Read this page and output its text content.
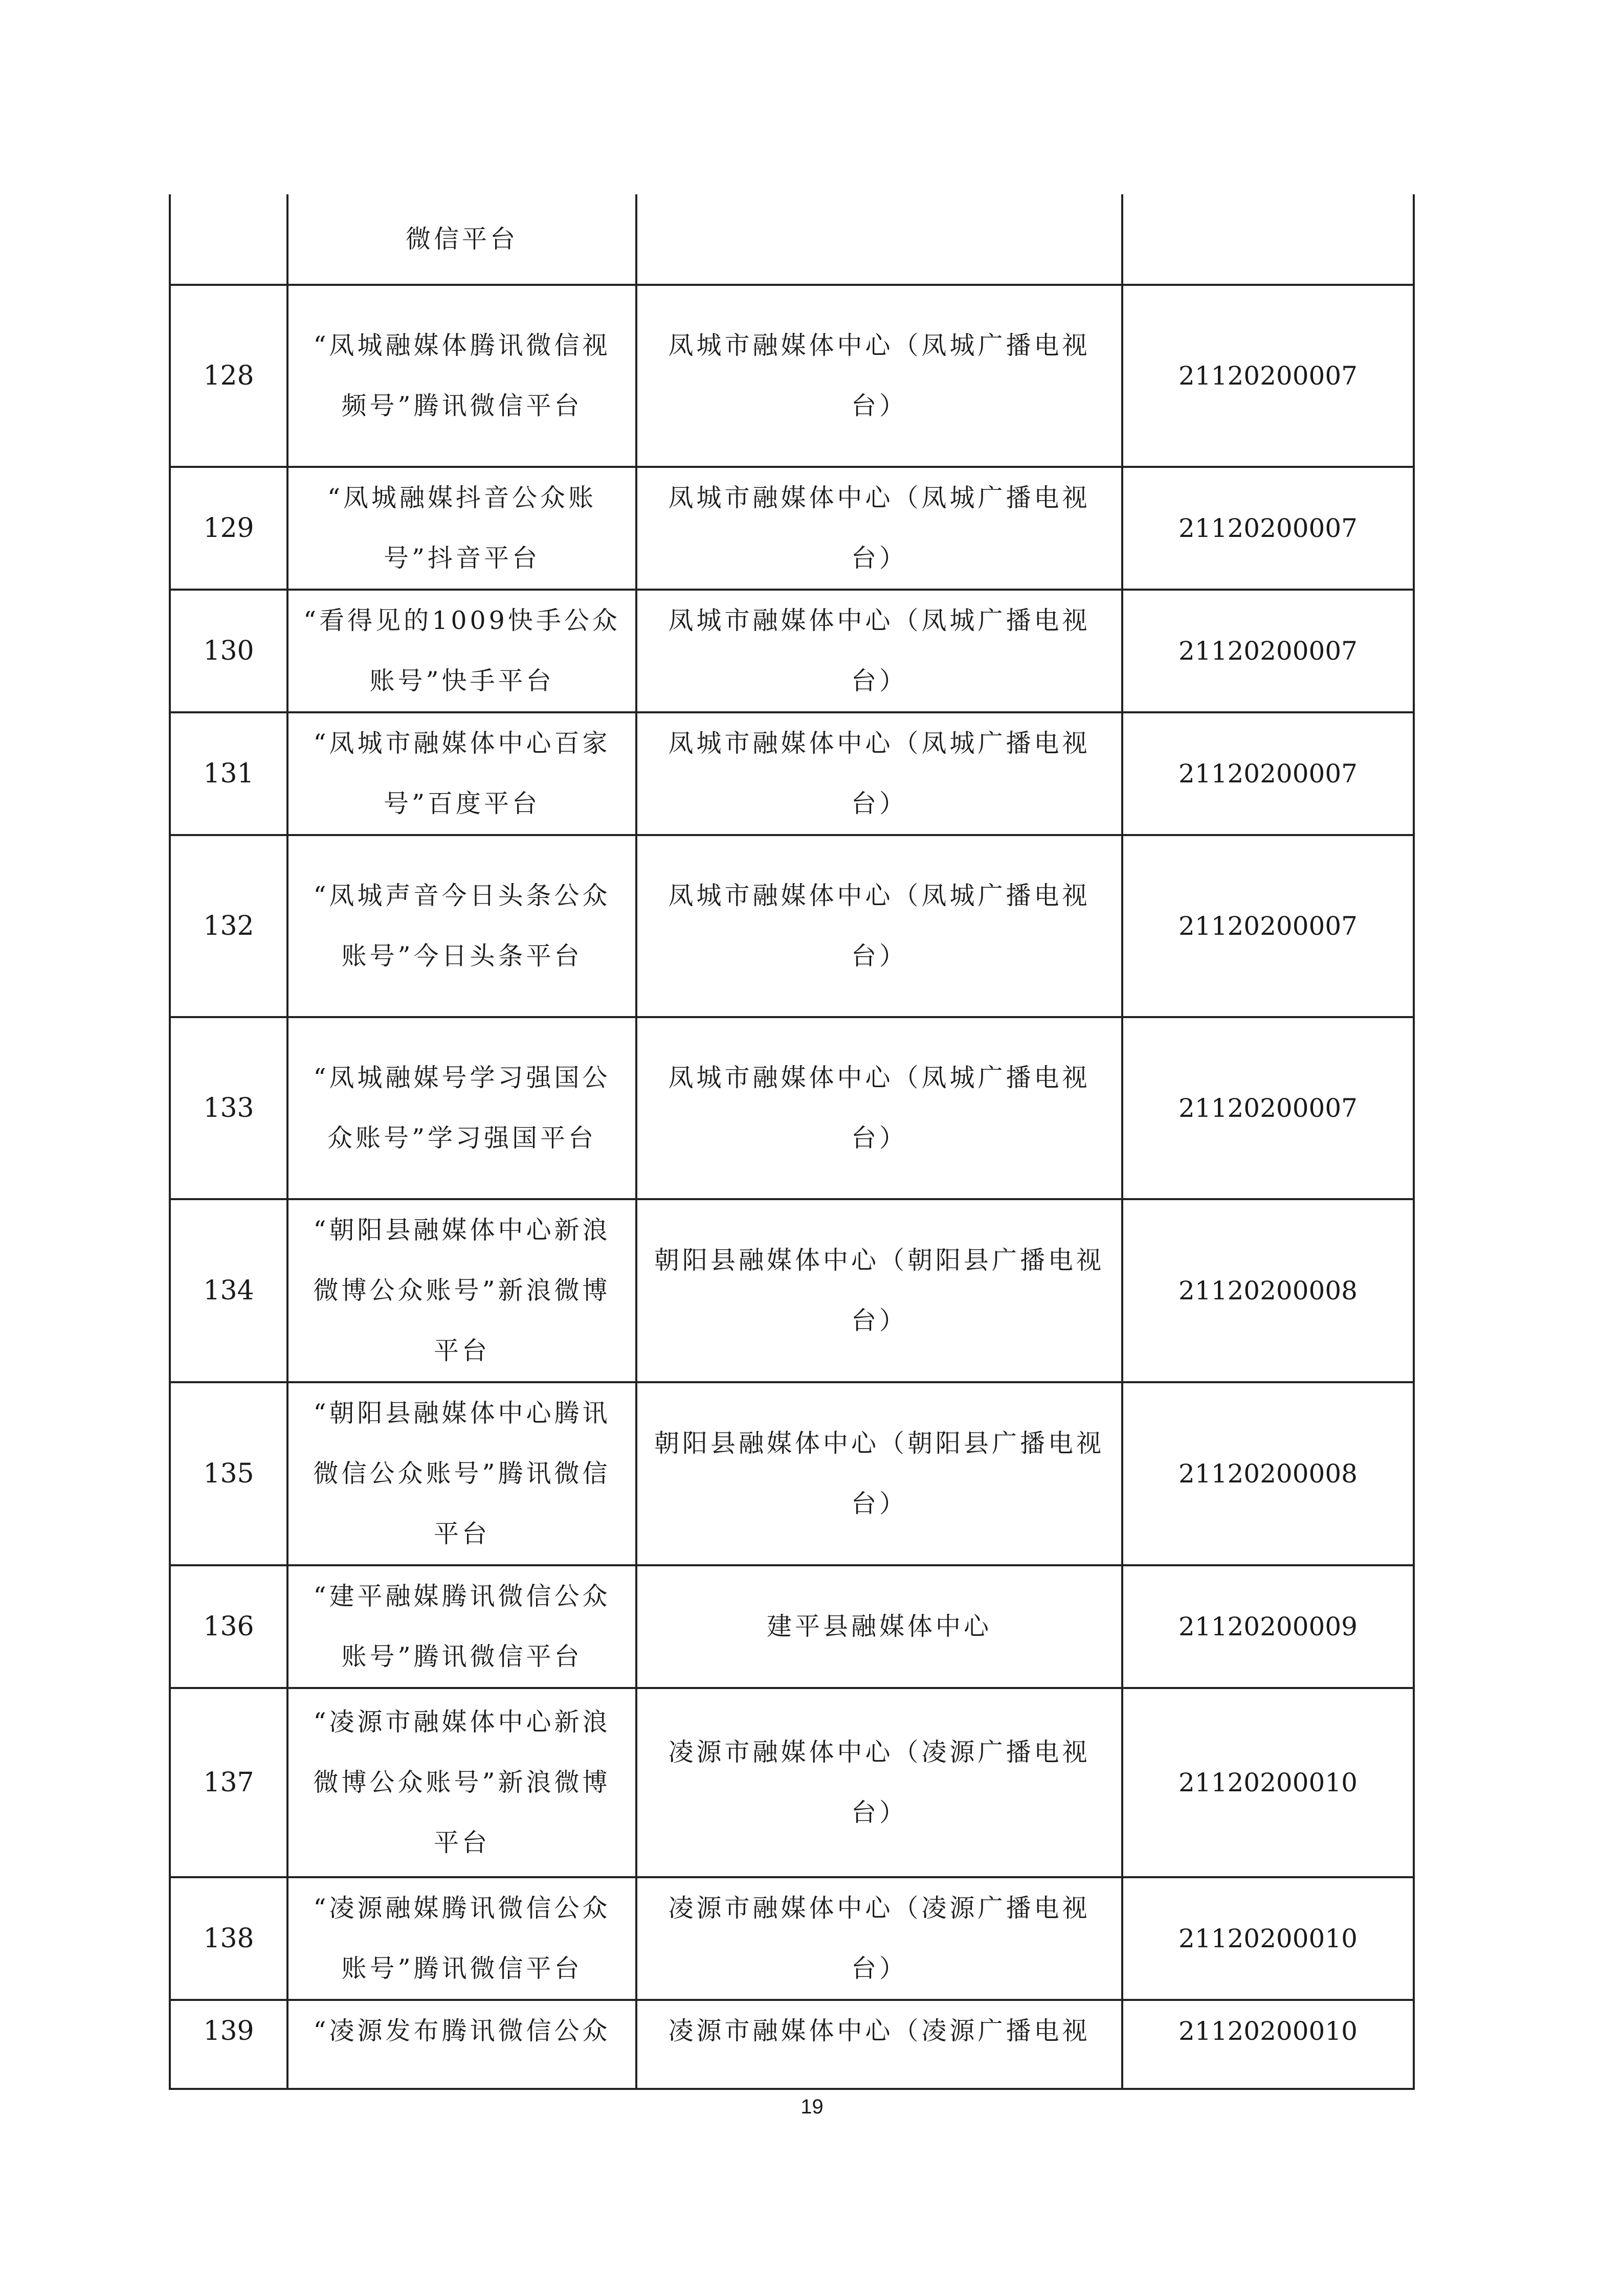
	微信平台		
128	“凤城融媒体腾讯微信视频号”腾讯微信平台	凤城市融媒体中心（凤城广播电视台）	21120200007
129	“凤城融媒抖音公众账号”抖音平台	凤城市融媒体中心（凤城广播电视台）	21120200007
130	“看得见的1009快手公众账号”快手平台	凤城市融媒体中心（凤城广播电视台）	21120200007
131	“凤城市融媒体中心百家号”百度平台	凤城市融媒体中心（凤城广播电视台）	21120200007
132	“凤城声音今日头条公众账号”今日头条平台	凤城市融媒体中心（凤城广播电视台）	21120200007
133	“凤城融媒号学习强国公众账号”学习强国平台	凤城市融媒体中心（凤城广播电视台）	21120200007
134	“朝阳县融媒体中心新浪微博公众账号”新浪微博平台	朝阳县融媒体中心（朝阳县广播电视台）	21120200008
135	“朝阳县融媒体中心腾讯微信公众账号”腾讯微信平台	朝阳县融媒体中心（朝阳县广播电视台）	21120200008
136	“建平融媒腾讯微信公众账号”腾讯微信平台	建平县融媒体中心	21120200009
137	“凌源市融媒体中心新浪微博公众账号”新浪微博平台	凌源市融媒体中心（凌源广播电视台）	21120200010
138	“凌源融媒腾讯微信公众账号”腾讯微信平台	凌源市融媒体中心（凌源广播电视台）	21120200010
139	“凌源发布腾讯微信公众	凌源市融媒体中心（凌源广播电视	21120200010
19
